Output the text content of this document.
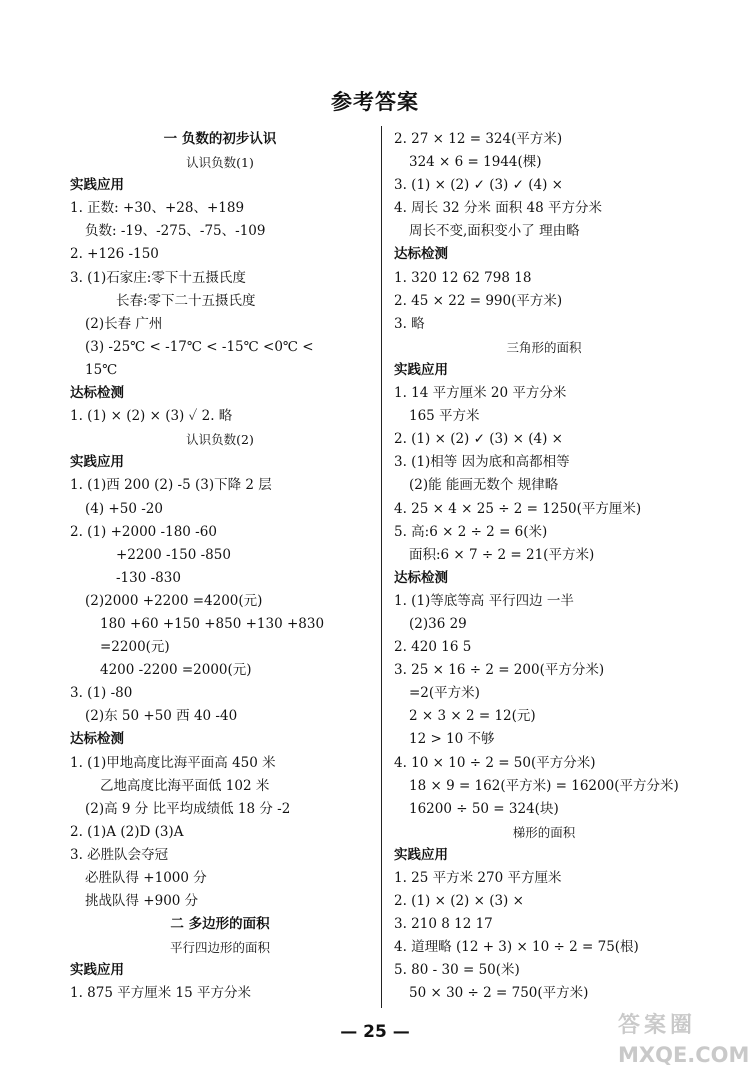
参考答案
一 负数的初步认识
认识负数(1)
实践应用
1. 正数: +30、+28、+189
负数: -19、-275、-75、-109
2. +126 -150
3. (1)石家庄:零下十五摄氏度
长春:零下二十五摄氏度
(2)长春 广州
(3) -25℃ < -17℃ < -15℃ <0℃ <
15℃
达标检测
1. (1) × (2) × (3) ✓ 2. 略
认识负数(2)
实践应用
1. (1)西 200 (2) -5 (3)下降 2 层
(4) +50 -20
2. (1) +2000 -180 -60
+2200 -150 -850
-130 -830
(2)2000 +2200 =4200(元)
180 +60 +150 +850 +130 +830
=2200(元)
4200 -2200 =2000(元)
3. (1) -80
(2)东 50 +50 西 40 -40
达标检测
1. (1)甲地高度比海平面高 450 米
乙地高度比海平面低 102 米
(2)高 9 分 比平均成绩低 18 分 -2
2. (1)A (2)D (3)A
3. 必胜队会夺冠
必胜队得 +1000 分
挑战队得 +900 分
二 多边形的面积
平行四边形的面积
实践应用
1. 875 平方厘米 15 平方分米
2. 27 × 12 = 324(平方米)
324 × 6 = 1944(棵)
3. (1) × (2) ✓ (3) ✓ (4) ×
4. 周长 32 分米 面积 48 平方分米
周长不变,面积变小了 理由略
达标检测
1. 320 12 62 798 18
2. 45 × 22 = 990(平方米)
3. 略
三角形的面积
实践应用
1. 14 平方厘米 20 平方分米
165 平方米
2. (1) × (2) ✓ (3) × (4) ×
3. (1)相等 因为底和高都相等
(2)能 能画无数个 规律略
4. 25 × 4 × 25 ÷ 2 = 1250(平方厘米)
5. 高:6 × 2 ÷ 2 = 6(米)
面积:6 × 7 ÷ 2 = 21(平方米)
达标检测
1. (1)等底等高 平行四边 一半
(2)36 29
2. 420 16 5
3. 25 × 16 ÷ 2 = 200(平方分米)
=2(平方米)
2 × 3 × 2 = 12(元)
12 > 10 不够
4. 10 × 10 ÷ 2 = 50(平方分米)
18 × 9 = 162(平方米) = 16200(平方分米)
16200 ÷ 50 = 324(块)
梯形的面积
实践应用
1. 25 平方米 270 平方厘米
2. (1) × (2) × (3) ×
3. 210 8 12 17
4. 道理略 (12 + 3) × 10 ÷ 2 = 75(根)
5. 80 - 30 = 50(米)
50 × 30 ÷ 2 = 750(平方米)
— 25 —	答案圈
MXQE.COM
